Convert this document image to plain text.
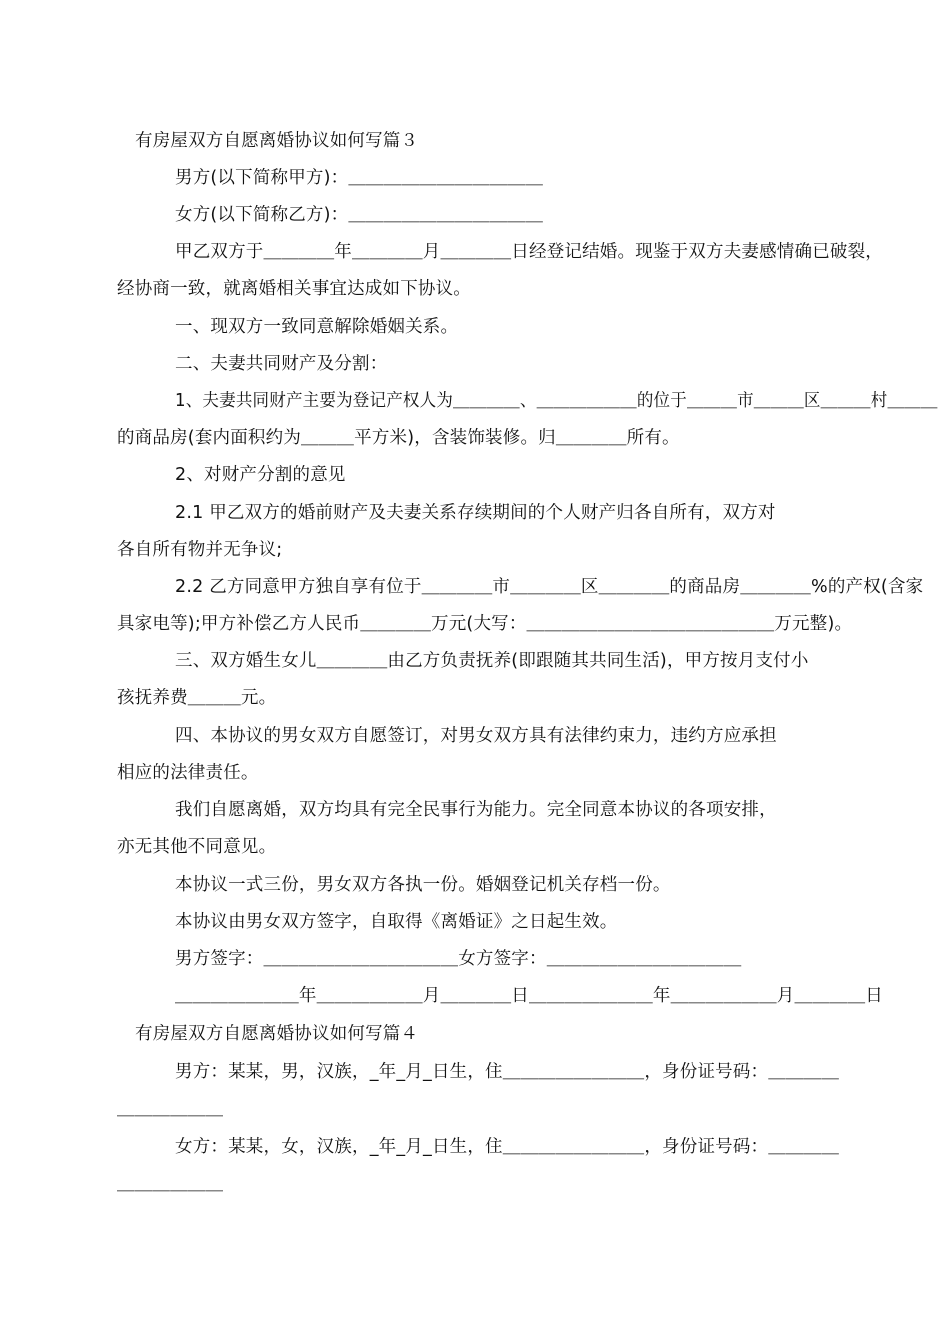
有房屋双方自愿离婚协议如何写篇３
男方(以下简称甲方)：＿＿＿＿＿＿＿＿＿＿＿
女方(以下简称乙方)：＿＿＿＿＿＿＿＿＿＿＿
甲乙双方于＿＿＿＿年＿＿＿＿月＿＿＿＿日经登记结婚。现鉴于双方夫妻感情确已破裂，
经协商一致，就离婚相关事宜达成如下协议。
一、现双方一致同意解除婚姻关系。
二、夫妻共同财产及分割：
1、夫妻共同财产主要为登记产权人为＿＿＿＿、＿＿＿＿＿＿的位于＿＿＿市＿＿＿区＿＿＿村＿＿＿
的商品房(套内面积约为＿＿＿平方米)，含装饰装修。归＿＿＿＿所有。
2、对财产分割的意见
2.1 甲乙双方的婚前财产及夫妻关系存续期间的个人财产归各自所有，双方对
各自所有物并无争议;
2.2 乙方同意甲方独自享有位于＿＿＿＿市＿＿＿＿区＿＿＿＿的商品房＿＿＿＿%的产权(含家
具家电等);甲方补偿乙方人民币＿＿＿＿万元(大写：＿＿＿＿＿＿＿＿＿＿＿＿＿＿万元整)。
三、双方婚生女儿＿＿＿＿由乙方负责抚养(即跟随其共同生活)，甲方按月支付小
孩抚养费＿＿＿元。
四、本协议的男女双方自愿签订，对男女双方具有法律约束力，违约方应承担
相应的法律责任。
我们自愿离婚，双方均具有完全民事行为能力。完全同意本协议的各项安排，
亦无其他不同意见。
本协议一式三份，男女双方各执一份。婚姻登记机关存档一份。
本协议由男女双方签字，自取得《离婚证》之日起生效。
男方签字：＿＿＿＿＿＿＿＿＿＿＿女方签字：＿＿＿＿＿＿＿＿＿＿＿
＿＿＿＿＿＿＿年＿＿＿＿＿＿月＿＿＿＿日＿＿＿＿＿＿＿年＿＿＿＿＿＿月＿＿＿＿日
有房屋双方自愿离婚协议如何写篇４
男方：某某，男，汉族，_年_月_日生，住＿＿＿＿＿＿＿＿，身份证号码：＿＿＿＿
＿＿＿＿＿＿
女方：某某，女，汉族，_年_月_日生，住＿＿＿＿＿＿＿＿，身份证号码：＿＿＿＿
＿＿＿＿＿＿
